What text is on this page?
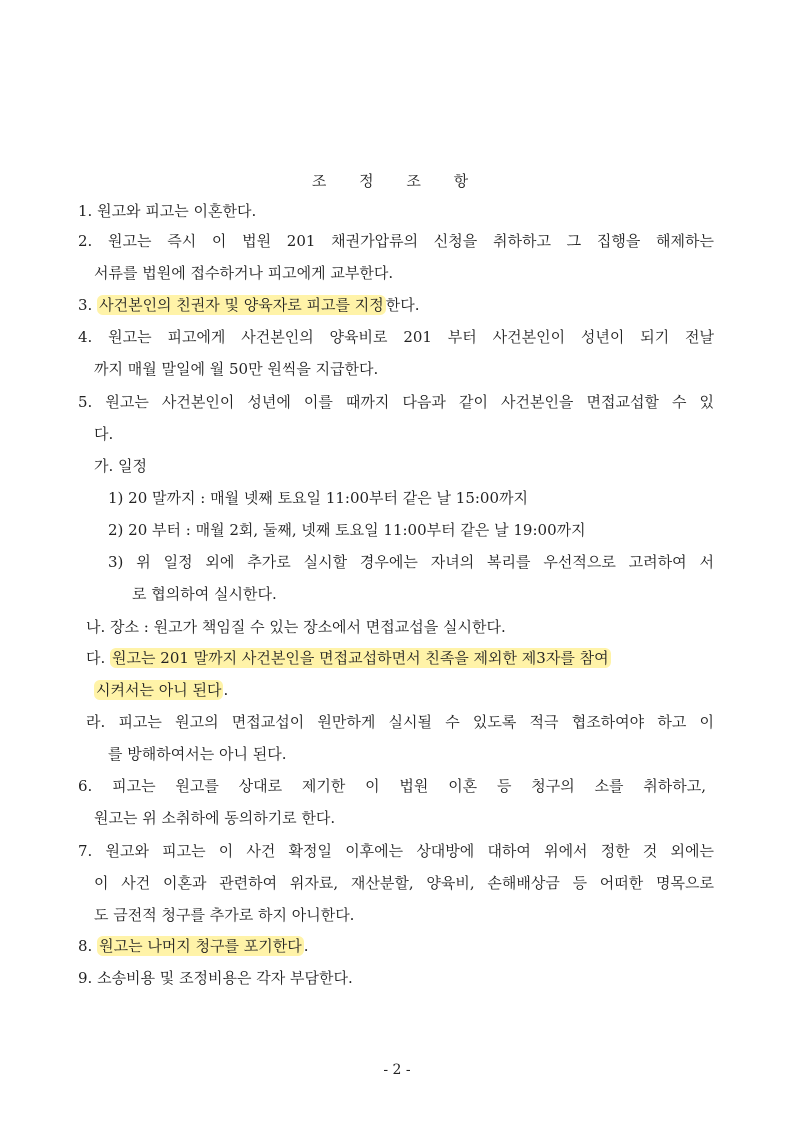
조 정 조 항
1. 원고와 피고는 이혼한다.
2. 원고는 즉시 이 법원 201 채권가압류의 신청을 취하하고 그 집행을 해제하는
서류를 법원에 접수하거나 피고에게 교부한다.
3. 사건본인의 친권자 및 양육자로 피고를 지정 한다.
4. 원고는 피고에게 사건본인의 양육비로 201 부터 사건본인이 성년이 되기 전날
까지 매월 말일에 월 50만 원씩을 지급한다.
5. 원고는 사건본인이 성년에 이를 때까지 다음과 같이 사건본인을 면접교섭할 수 있
다.
가. 일정
1) 20 말까지 : 매월 넷째 토요일 11:00부터 같은 날 15:00까지
2) 20 부터 : 매월 2회, 둘째, 넷째 토요일 11:00부터 같은 날 19:00까지
3) 위 일정 외에 추가로 실시할 경우에는 자녀의 복리를 우선적으로 고려하여 서
로 협의하여 실시한다.
나. 장소 : 원고가 책임질 수 있는 장소에서 면접교섭을 실시한다.
다. 원고는 201 말까지 사건본인을 면접교섭하면서 친족을 제외한 제3자를 참여
시켜서는 아니 된다 .
라. 피고는 원고의 면접교섭이 원만하게 실시될 수 있도록 적극 협조하여야 하고 이
를 방해하여서는 아니 된다.
6. 피고는 원고를 상대로 제기한 이 법원 이혼 등 청구의 소를 취하하고,
원고는 위 소취하에 동의하기로 한다.
7. 원고와 피고는 이 사건 확정일 이후에는 상대방에 대하여 위에서 정한 것 외에는
이 사건 이혼과 관련하여 위자료, 재산분할, 양육비, 손해배상금 등 어떠한 명목으로
도 금전적 청구를 추가로 하지 아니한다.
8. 원고는 나머지 청구를 포기한다 .
9. 소송비용 및 조정비용은 각자 부담한다.
- 2 -
